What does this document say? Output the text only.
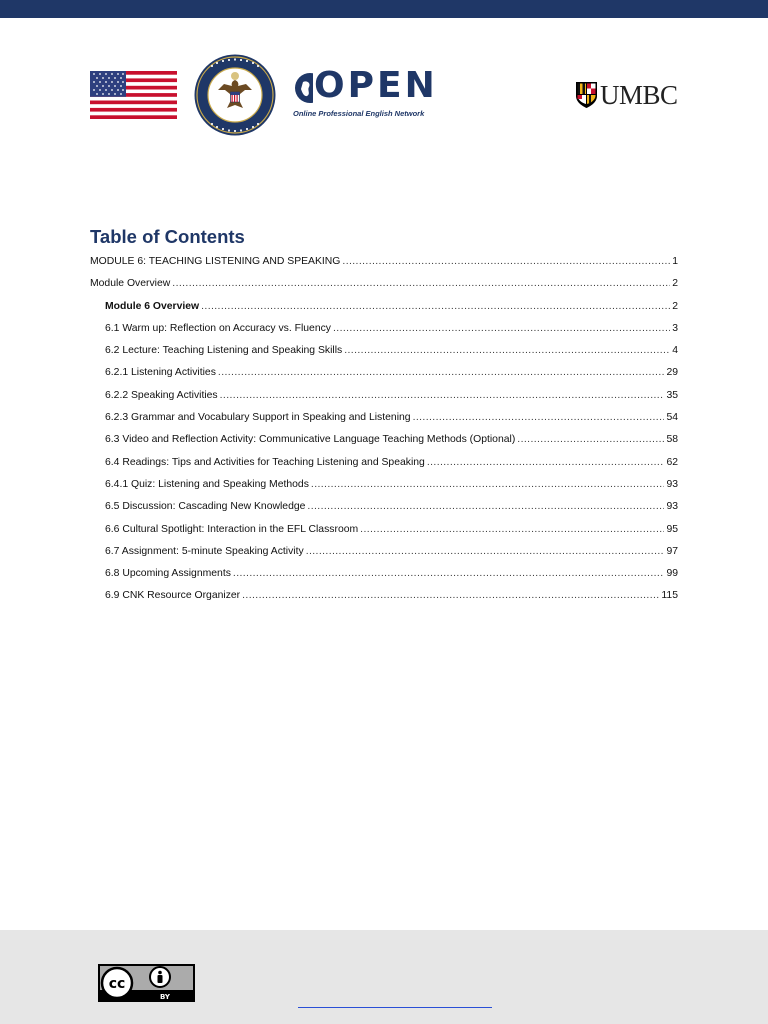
OPEN
Online Professional English Network
UMBC
Table of Contents
MODULE 6: TEACHING LISTENING AND SPEAKING .....	1
Module Overview .....	2
Module 6 Overview .....	2
6.1 Warm up: Reflection on Accuracy vs. Fluency .....	3
6.2 Lecture: Teaching Listening and Speaking Skills .....	4
6.2.1 Listening Activities .....	29
6.2.2 Speaking Activities .....	35
6.2.3 Grammar and Vocabulary Support in Speaking and Listening .....	54
6.3 Video and Reflection Activity: Communicative Language Teaching Methods (Optional) .....	58
6.4 Readings: Tips and Activities for Teaching Listening and Speaking .....	62
6.4.1 Quiz: Listening and Speaking Methods .....	93
6.5 Discussion: Cascading New Knowledge .....	93
6.6 Cultural Spotlight: Interaction in the EFL Classroom .....	95
6.7 Assignment: 5-minute Speaking Activity .....	97
6.8 Upcoming Assignments .....	99
6.9 CNK Resource Organizer .....	115
cc
BY
